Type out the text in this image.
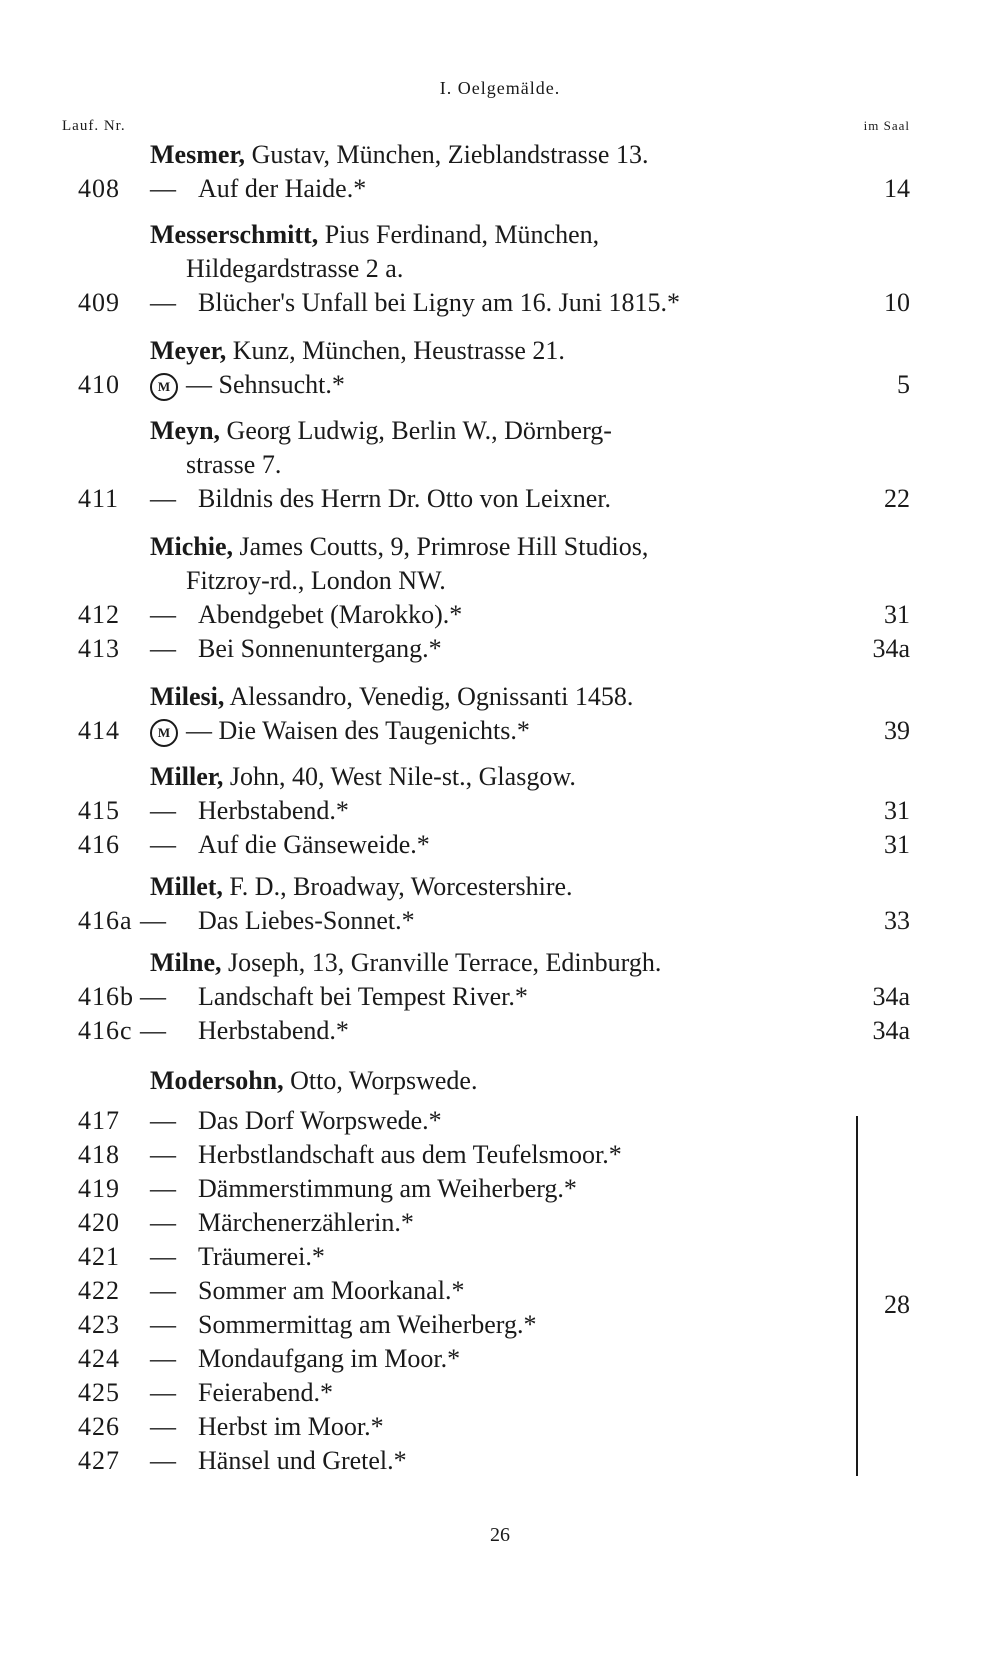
I. Oelgemälde.
Lauf. Nr.	im Saal
Mesmer, Gustav, München, Zieblandstrasse 13.
408 — Auf der Haide.*	14
Messerschmitt, Pius Ferdinand, München,
Hildegardstrasse 2 a.
409 — Blücher's Unfall bei Ligny am 16. Juni 1815.*	10
Meyer, Kunz, München, Heustrasse 21.
410	M — Sehnsucht.*	5
Meyn, Georg Ludwig, Berlin W., Dörnberg-
strasse 7.
411 — Bildnis des Herrn Dr. Otto von Leixner.	22
Michie, James Coutts, 9, Primrose Hill Studios,
Fitzroy-rd., London NW.
412 — Abendgebet (Marokko).*	31
413 — Bei Sonnenuntergang.*	34a
Milesi, Alessandro, Venedig, Ognissanti 1458.
414	M — Die Waisen des Taugenichts.*	39
Miller, John, 40, West Nile-st., Glasgow.
415 — Herbstabend.*	31
416 — Auf die Gänseweide.*	31
Millet, F. D., Broadway, Worcestershire.
416a — Das Liebes-Sonnet.*	33
Milne, Joseph, 13, Granville Terrace, Edinburgh.
416b — Landschaft bei Tempest River.*	34a
416c — Herbstabend.*	34a
Modersohn, Otto, Worpswede.
417 — Das Dorf Worpswede.*
418 — Herbstlandschaft aus dem Teufelsmoor.*
419 — Dämmerstimmung am Weiherberg.*
420 — Märchenerzählerin.*
421 — Träumerei.*
422 — Sommer am Moorkanal.*
423 — Sommermittag am Weiherberg.*
424 — Mondaufgang im Moor.*
425 — Feierabend.*
426 — Herbst im Moor.*
427 — Hänsel und Gretel.*
28
26
